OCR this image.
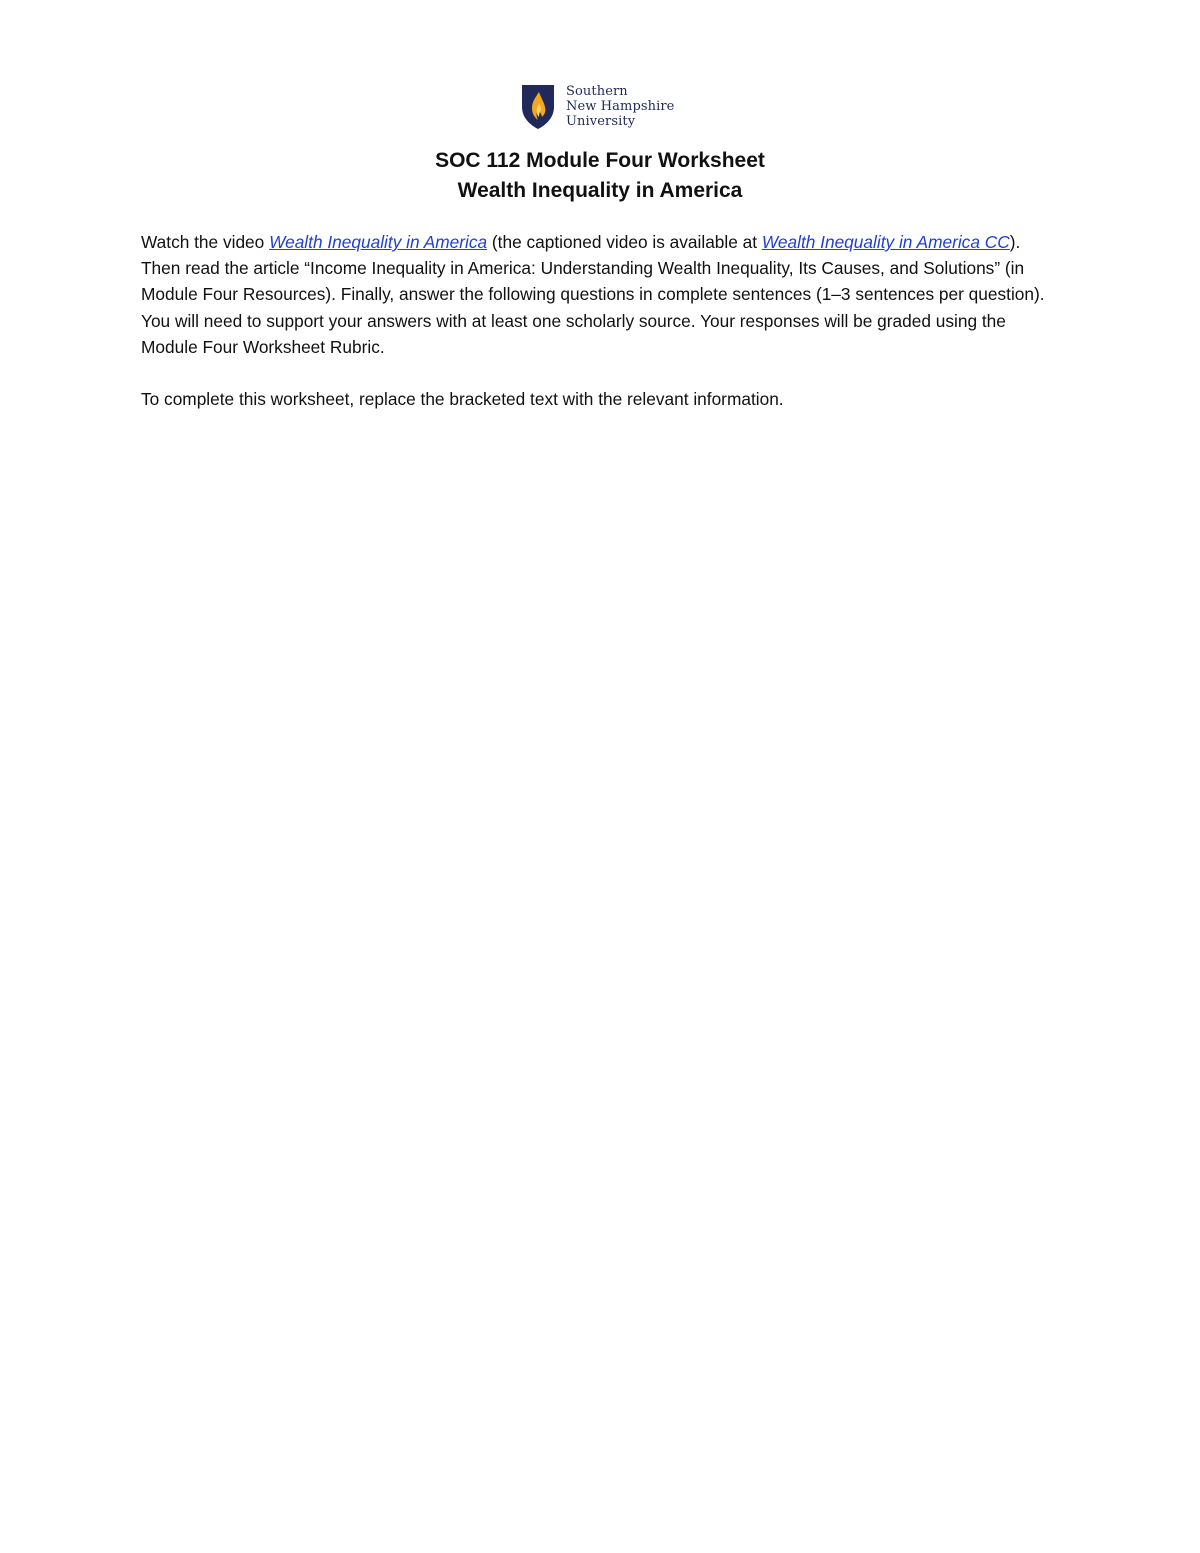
Southern
New Hampshire
University
SOC 112 Module Four Worksheet
Wealth Inequality in America

Watch the video Wealth Inequality in America (the captioned video is available at Wealth Inequality in America CC). Then read the article “Income Inequality in America: Understanding Wealth Inequality, Its Causes, and Solutions” (in Module Four Resources). Finally, answer the following questions in complete sentences (1–3 sentences per question). You will need to support your answers with at least one scholarly source. Your responses will be graded using the Module Four Worksheet Rubric.

To complete this worksheet, replace the bracketed text with the relevant information.
